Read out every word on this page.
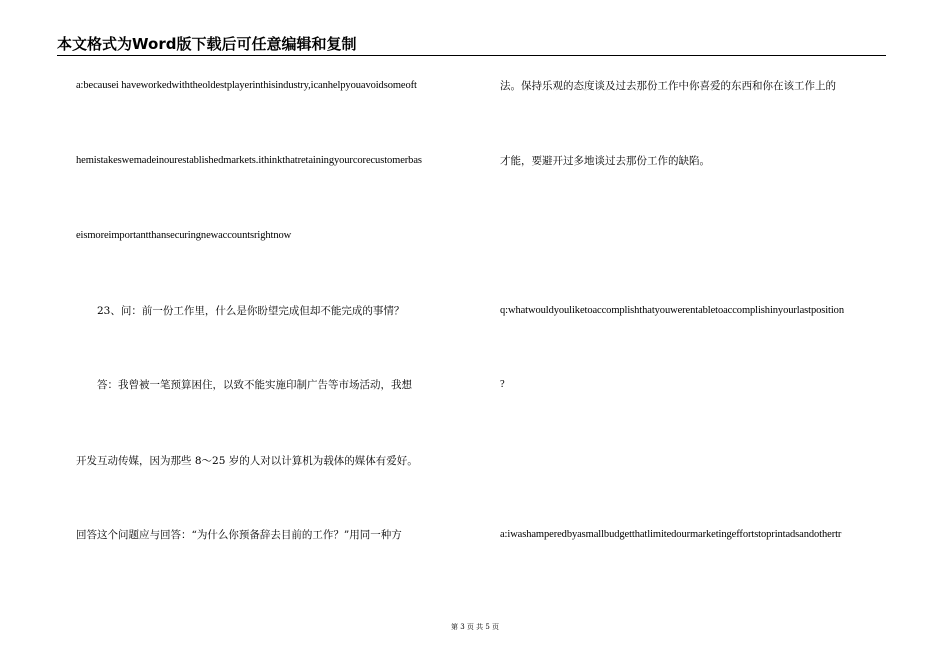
本文格式为Word版下载后可任意编辑和复制
a:becausei haveworkedwiththeoldestplayerinthisindustry,icanhelpyouavoidsomeoft
hemistakeswemadeinourestablishedmarkets.ithinkthatretainingyourcorecustomerbas
eismoreimportantthansecuringnewaccountsrightnow
23、问：前一份工作里，什么是你盼望完成但却不能完成的事情？
答：我曾被一笔预算困住，以致不能实施印制广告等市场活动，我想
开发互动传媒，因为那些 8～25 岁的人对以计算机为载体的媒体有爱好。
回答这个问题应与回答：“为什么你预备辞去目前的工作？”用同一种方
法。保持乐观的态度谈及过去那份工作中你喜爱的东西和你在该工作上的
才能，要避开过多地谈过去那份工作的缺陷。
q:whatwouldyouliketoaccomplishthatyouwerentabletoaccomplishinyourlastposition
?
a:iwashamperedbyasmallbudgetthatlimitedourmarketingeffortstoprintadsandothertr
第 3 页 共 5 页
